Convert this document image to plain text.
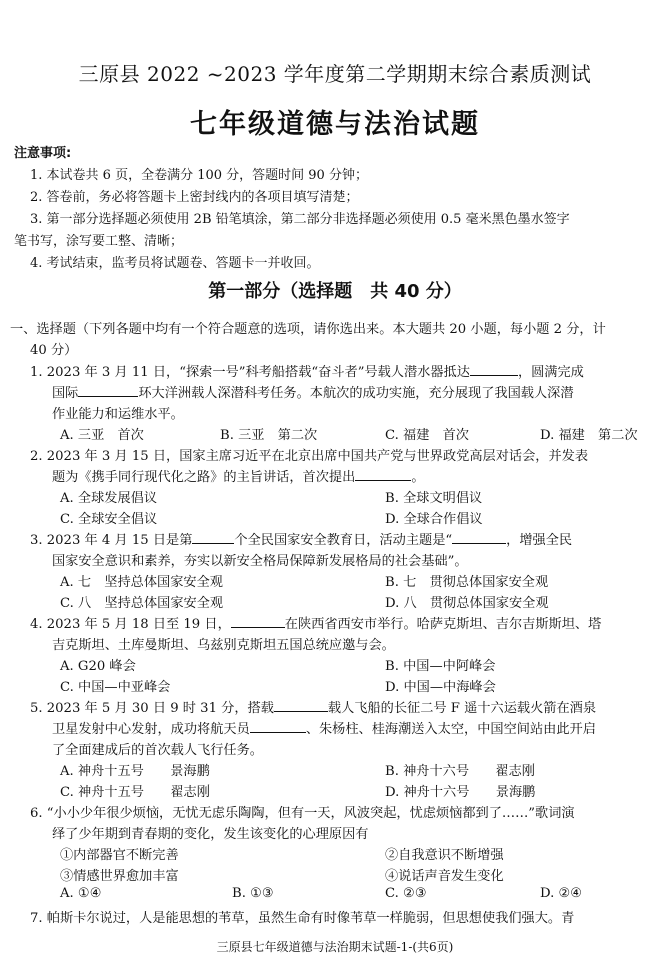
三原县 2022 ~2023 学年度第二学期期末综合素质测试
七年级道德与法治试题
注意事项:
1. 本试卷共 6 页，全卷满分 100 分，答题时间 90 分钟；
2. 答卷前，务必将答题卡上密封线内的各项目填写清楚；
3. 第一部分选择题必须使用 2B 铅笔填涂，第二部分非选择题必须使用 0.5 毫米黑色墨水签字
笔书写，涂写要工整、清晰；
4. 考试结束，监考员将试题卷、答题卡一并收回。
第一部分（选择题　共 40 分）
一、选择题（下列各题中均有一个符合题意的选项，请你选出来。本大题共 20 小题，每小题 2 分，计
40 分）
1. 2023 年 3 月 11 日，“探索一号”科考船搭载“奋斗者”号载人潜水器抵达	，圆满完成
国际	环大洋洲载人深潜科考任务。本航次的成功实施，充分展现了我国载人深潜
作业能力和运维水平。
A. 三亚　首次	B. 三亚　第二次	C. 福建　首次	D. 福建　第二次
2. 2023 年 3 月 15 日，国家主席习近平在北京出席中国共产党与世界政党高层对话会，并发表
题为《携手同行现代化之路》的主旨讲话，首次提出	。
A. 全球发展倡议	B. 全球文明倡议
C. 全球安全倡议	D. 全球合作倡议
3. 2023 年 4 月 15 日是第	个全民国家安全教育日，活动主题是“	，增强全民
国家安全意识和素养，夯实以新安全格局保障新发展格局的社会基础”。
A. 七　坚持总体国家安全观	B. 七　贯彻总体国家安全观
C. 八　坚持总体国家安全观	D. 八　贯彻总体国家安全观
4. 2023 年 5 月 18 日至 19 日，	在陕西省西安市举行。哈萨克斯坦、吉尔吉斯斯坦、塔
吉克斯坦、土库曼斯坦、乌兹别克斯坦五国总统应邀与会。
A. G20 峰会	B. 中国—中阿峰会
C. 中国—中亚峰会	D. 中国—中海峰会
5. 2023 年 5 月 30 日 9 时 31 分，搭载	载人飞船的长征二号 F 遥十六运载火箭在酒泉
卫星发射中心发射，成功将航天员	、朱杨柱、桂海潮送入太空，中国空间站由此开启
了全面建成后的首次载人飞行任务。
A. 神舟十五号　　景海鹏	B. 神舟十六号　　翟志刚
C. 神舟十五号　　翟志刚	D. 神舟十六号　　景海鹏
6. “小小少年很少烦恼，无忧无虑乐陶陶，但有一天，风波突起，忧虑烦恼都到了……”歌词演
绎了少年期到青春期的变化，发生该变化的心理原因有
①内部器官不断完善	②自我意识不断增强
③情感世界愈加丰富	④说话声音发生变化
A. ①④	B. ①③	C. ②③	D. ②④
7. 帕斯卡尔说过，人是能思想的苇草，虽然生命有时像苇草一样脆弱，但思想使我们强大。青
三原县七年级道德与法治期末试题-1-(共6页)
